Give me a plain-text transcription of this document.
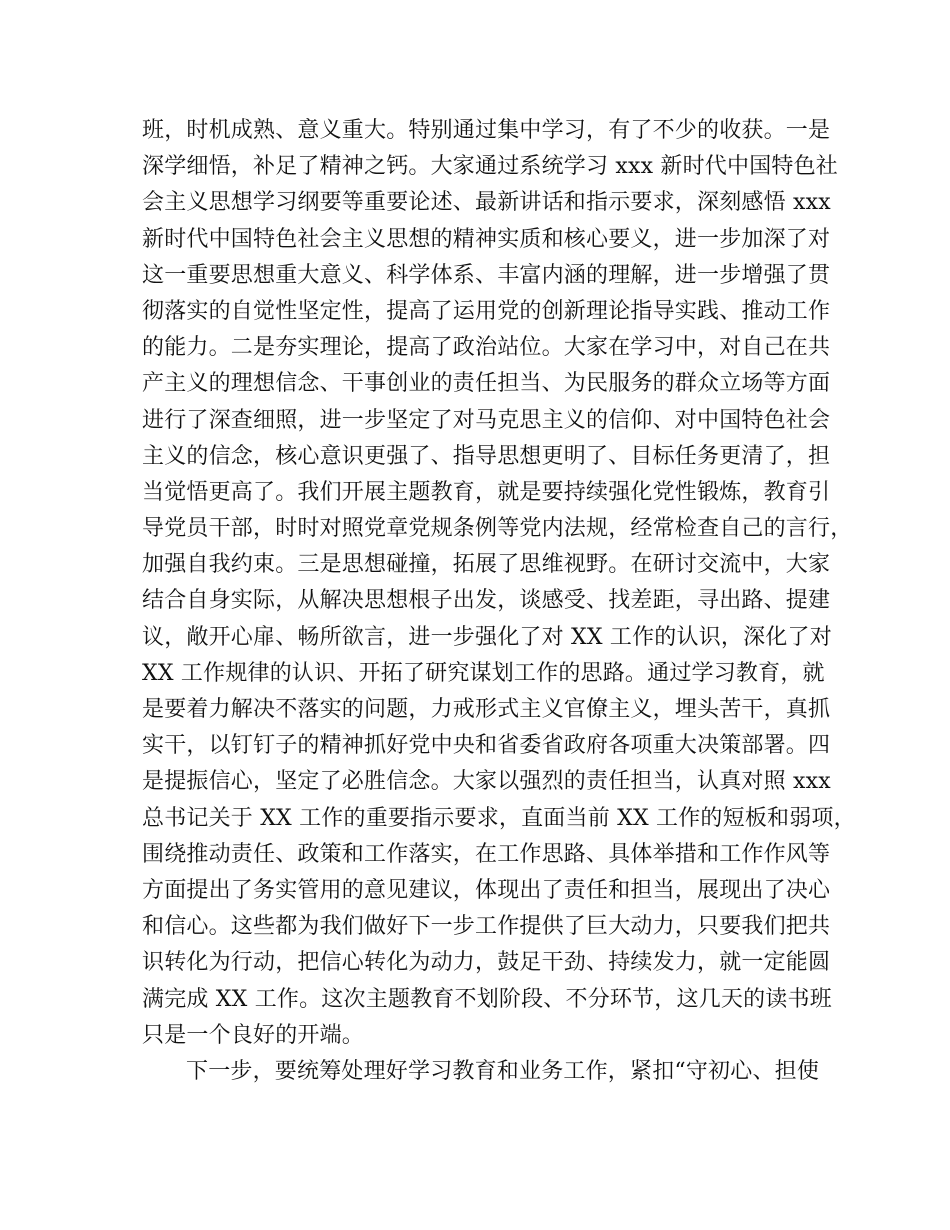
班，时机成熟、意义重大。特别通过集中学习，有了不少的收获。一是
深学细悟，补足了精神之钙。大家通过系统学习 xxx 新时代中国特色社
会主义思想学习纲要等重要论述、最新讲话和指示要求，深刻感悟 xxx
新时代中国特色社会主义思想的精神实质和核心要义，进一步加深了对
这一重要思想重大意义、科学体系、丰富内涵的理解，进一步增强了贯
彻落实的自觉性坚定性，提高了运用党的创新理论指导实践、推动工作
的能力。二是夯实理论，提高了政治站位。大家在学习中，对自己在共
产主义的理想信念、干事创业的责任担当、为民服务的群众立场等方面
进行了深查细照，进一步坚定了对马克思主义的信仰、对中国特色社会
主义的信念，核心意识更强了、指导思想更明了、目标任务更清了，担
当觉悟更高了。我们开展主题教育，就是要持续强化党性锻炼，教育引
导党员干部，时时对照党章党规条例等党内法规，经常检查自己的言行，
加强自我约束。三是思想碰撞，拓展了思维视野。在研讨交流中，大家
结合自身实际，从解决思想根子出发，谈感受、找差距，寻出路、提建
议，敞开心扉、畅所欲言，进一步强化了对 XX 工作的认识，深化了对
XX 工作规律的认识、开拓了研究谋划工作的思路。通过学习教育，就
是要着力解决不落实的问题，力戒形式主义官僚主义，埋头苦干，真抓
实干，以钉钉子的精神抓好党中央和省委省政府各项重大决策部署。四
是提振信心，坚定了必胜信念。大家以强烈的责任担当，认真对照 xxx
总书记关于 XX 工作的重要指示要求，直面当前 XX 工作的短板和弱项，
围绕推动责任、政策和工作落实，在工作思路、具体举措和工作作风等
方面提出了务实管用的意见建议，体现出了责任和担当，展现出了决心
和信心。这些都为我们做好下一步工作提供了巨大动力，只要我们把共
识转化为行动，把信心转化为动力，鼓足干劲、持续发力，就一定能圆
满完成 XX 工作。这次主题教育不划阶段、不分环节，这几天的读书班
只是一个良好的开端。
下一步，要统筹处理好学习教育和业务工作，紧扣“守初心、担使
